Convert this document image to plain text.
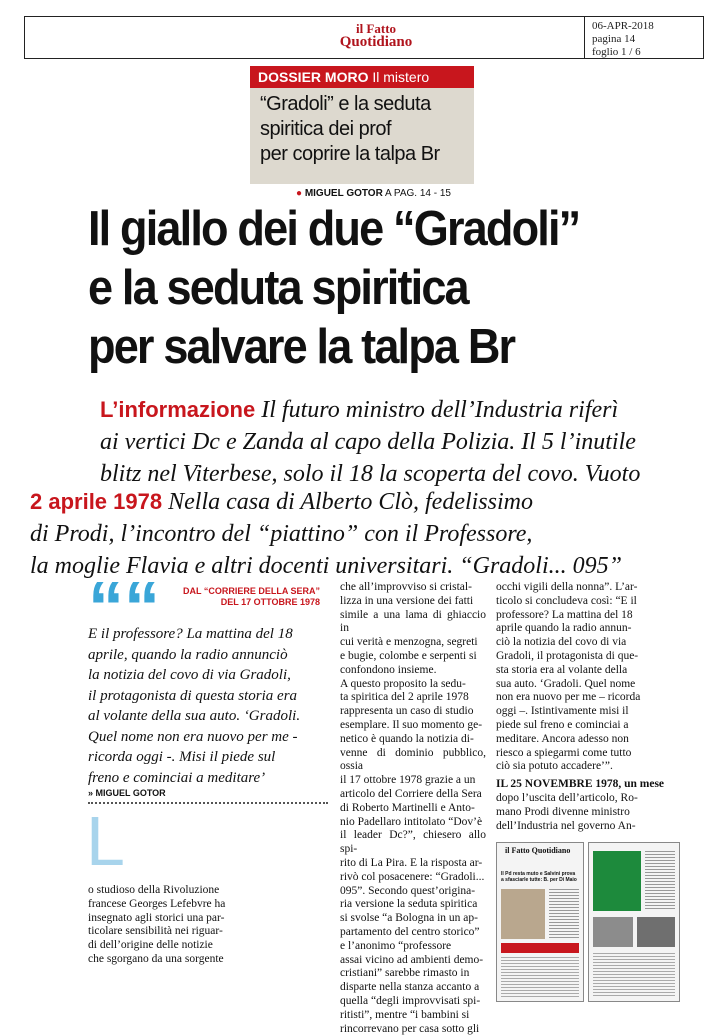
il Fatto
Quotidiano
06-APR-2018
pagina 14
foglio 1 / 6
DOSSIER MORO Il mistero
“Gradoli” e la seduta
spiritica dei prof
per coprire la talpa Br
● MIGUEL GOTOR A PAG. 14 - 15
Il giallo dei due “Gradoli”
e la seduta spiritica
per salvare la talpa Br
L’informazione Il futuro ministro dell’Industria riferì
ai vertici Dc e Zanda al capo della Polizia. Il 5 l’inutile
blitz nel Viterbese, solo il 18 la scoperta del covo. Vuoto
2 aprile 1978 Nella casa di Alberto Clò, fedelissimo
di Prodi, l’incontro del “piattino” con il Professore,
la moglie Flavia e altri docenti universitari. “Gradoli... 095”
““	DAL “CORRIERE DELLA SERA”
DEL 17 OTTOBRE 1978
E il professore? La mattina del 18
aprile, quando la radio annunciò
la notizia del covo di via Gradoli,
il protagonista di questa storia era
al volante della sua auto. ‘Gradoli.
Quel nome non era nuovo per me -
ricorda oggi -. Misi il piede sul
freno e cominciai a meditare’
» MIGUEL GOTOR
L
o studioso della Rivoluzione
francese Georges Lefebvre ha
insegnato agli storici una par-
ticolare sensibilità nei riguar-
di dell’origine delle notizie
che sgorgano da una sorgente
che all’improvviso si cristal-
lizza in una versione dei fatti
simile a una lama di ghiaccio in
cui verità e menzogna, segreti
e bugie, colombe e serpenti si
confondono insieme.
A questo proposito la sedu-
ta spiritica del 2 aprile 1978
rappresenta un caso di studio
esemplare. Il suo momento ge-
netico è quando la notizia di-
venne di dominio pubblico, ossia
il 17 ottobre 1978 grazie a un
articolo del Corriere della Sera
di Roberto Martinelli e Anto-
nio Padellaro intitolato “Dov’è
il leader Dc?”, chiesero allo spi-
rito di La Pira. E la risposta ar-
rivò col posacenere: “Gradoli...
095”. Secondo quest’origina-
ria versione la seduta spiritica
si svolse “a Bologna in un ap-
partamento del centro storico”
e l’anonimo “professore
assai vicino ad ambienti demo-
cristiani” sarebbe rimasto in
disparte nella stanza accanto a
quella “degli improvvisati spi-
ritisti”, mentre “i bambini si
rincorrevano per casa sotto gli
occhi vigili della nonna”. L’ar-
ticolo si concludeva così: “E il
professore? La mattina del 18
aprile quando la radio annun-
ciò la notizia del covo di via
Gradoli, il protagonista di que-
sta storia era al volante della
sua auto. ‘Gradoli. Quel nome
non era nuovo per me – ricorda
oggi –. Istintivamente misi il
piede sul freno e cominciai a
meditare. Ancora adesso non
riesco a spiegarmi come tutto
ciò sia potuto accadere’”.
IL 25 NOVEMBRE 1978, un mese
dopo l’uscita dell’articolo, Ro-
mano Prodi divenne ministro
dell’Industria nel governo An-
il Fatto Quotidiano
Il Pd resta muto e Salvini prova a sfasciarle tutte: B. per Di Maio
